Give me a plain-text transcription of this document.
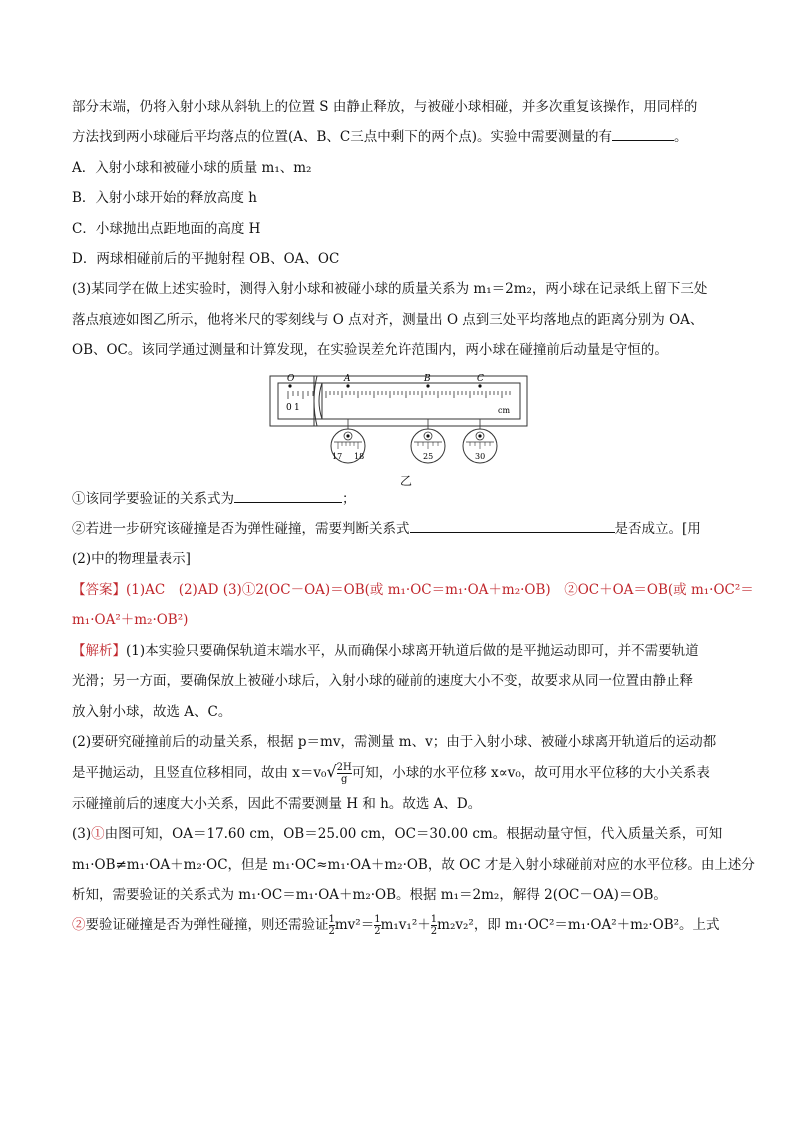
部分末端，仍将入射小球从斜轨上的位置 S 由静止释放，与被碰小球相碰，并多次重复该操作，用同样的

方法找到两小球碰后平均落点的位置(A、B、C三点中剩下的两个点)。实验中需要测量的有	。

A．入射小球和被碰小球的质量 m₁、m₂

B．入射小球开始的释放高度 h

C．小球抛出点距地面的高度 H

D．两球相碰前后的平抛射程 OB、OA、OC

(3)某同学在做上述实验时，测得入射小球和被碰小球的质量关系为 m₁＝2m₂，两小球在记录纸上留下三处

落点痕迹如图乙所示，他将米尺的零刻线与 O 点对齐，测量出 O 点到三处平均落地点的距离分别为 OA、

OB、OC。该同学通过测量和计算发现，在实验误差允许范围内，两小球在碰撞前后动量是守恒的。

O	A	B	C
0 1	cm
17 18	25	30
乙

①该同学要验证的关系式为	；

②若进一步研究该碰撞是否为弹性碰撞，需要判断关系式	是否成立。[用

(2)中的物理量表示]

【答案】(1)AC　(2)AD (3)①2(OC－OA)＝OB(或 m₁·OC＝m₁·OA＋m₂·OB)　②OC＋OA＝OB(或 m₁·OC²＝

m₁·OA²＋m₂·OB²)

【解析】(1)本实验只要确保轨道末端水平，从而确保小球离开轨道后做的是平抛运动即可，并不需要轨道

光滑；另一方面，要确保放上被碰小球后，入射小球的碰前的速度大小不变，故要求从同一位置由静止释

放入射小球，故选 A、C。

(2)要研究碰撞前后的动量关系，根据 p＝mv，需测量 m、v；由于入射小球、被碰小球离开轨道后的运动都

是平抛运动，且竖直位移相同，故由 $x=v_0√ \frac{2H}{g}$ 可知，小球的水平位移 x∝v₀，故可用水平位移的大小关系表

示碰撞前后的速度大小关系，因此不需要测量 H 和 h。故选 A、D。

(3)①由图可知，OA＝17.60 cm，OB＝25.00 cm，OC＝30.00 cm。根据动量守恒，代入质量关系，可知

m₁·OB≠m₁·OA＋m₂·OC，但是 m₁·OC≈m₁·OA＋m₂·OB，故 OC 才是入射小球碰前对应的水平位移。由上述分

析知，需要验证的关系式为 m₁·OC＝m₁·OA＋m₂·OB。根据 m₁＝2m₂，解得 2(OC－OA)＝OB。

②要验证碰撞是否为弹性碰撞，则还需验证 $\frac{1}{2} mv^2= \frac{1}{2} m_1v_1^2+ \frac{1}{2} m_2v_2^2$，即 m₁·OC²＝m₁·OA²＋m₂·OB²。上式
